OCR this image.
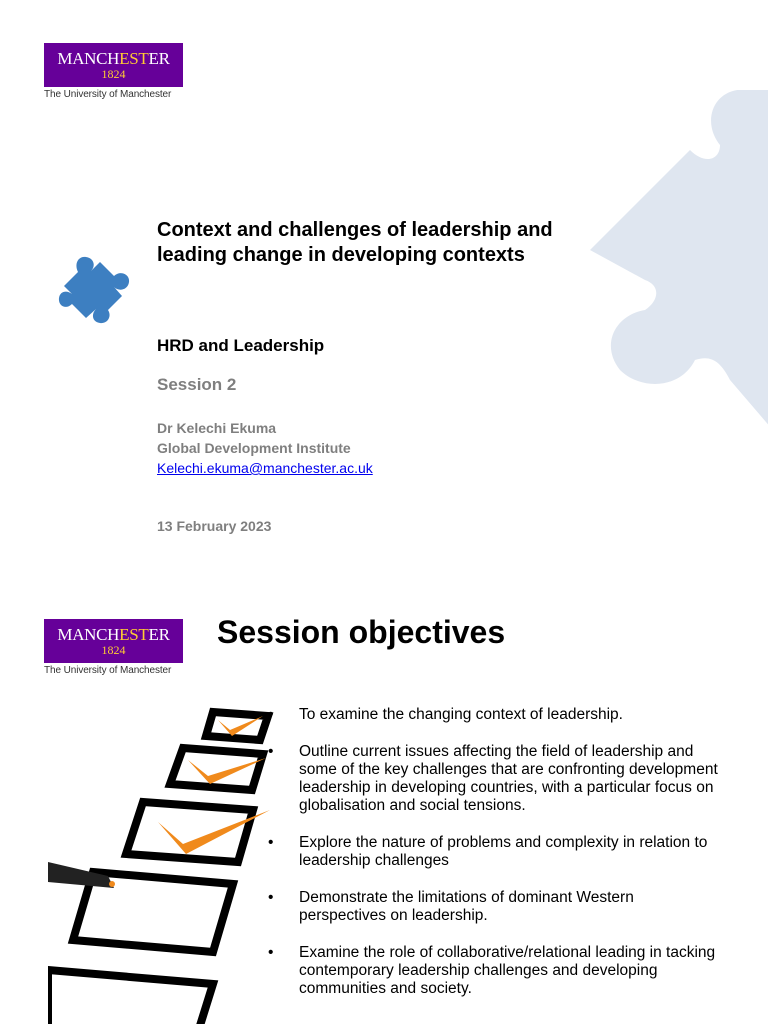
MANCHESTER
1824
The University of Manchester
Context and challenges of leadership and leading change in developing contexts
HRD and Leadership
Session 2
Dr Kelechi Ekuma
Global Development Institute
Kelechi.ekuma@manchester.ac.uk
13 February 2023
MANCHESTER
1824
The University of Manchester
Session objectives
• To examine the changing context of leadership.
• Outline current issues affecting the field of leadership and some of the key challenges that are confronting development leadership in developing countries, with a particular focus on globalisation and social tensions.
• Explore the nature of problems and complexity in relation to leadership challenges
• Demonstrate the limitations of dominant Western perspectives on leadership.
• Examine the role of collaborative/relational leading in tacking contemporary leadership challenges and developing communities and society.
